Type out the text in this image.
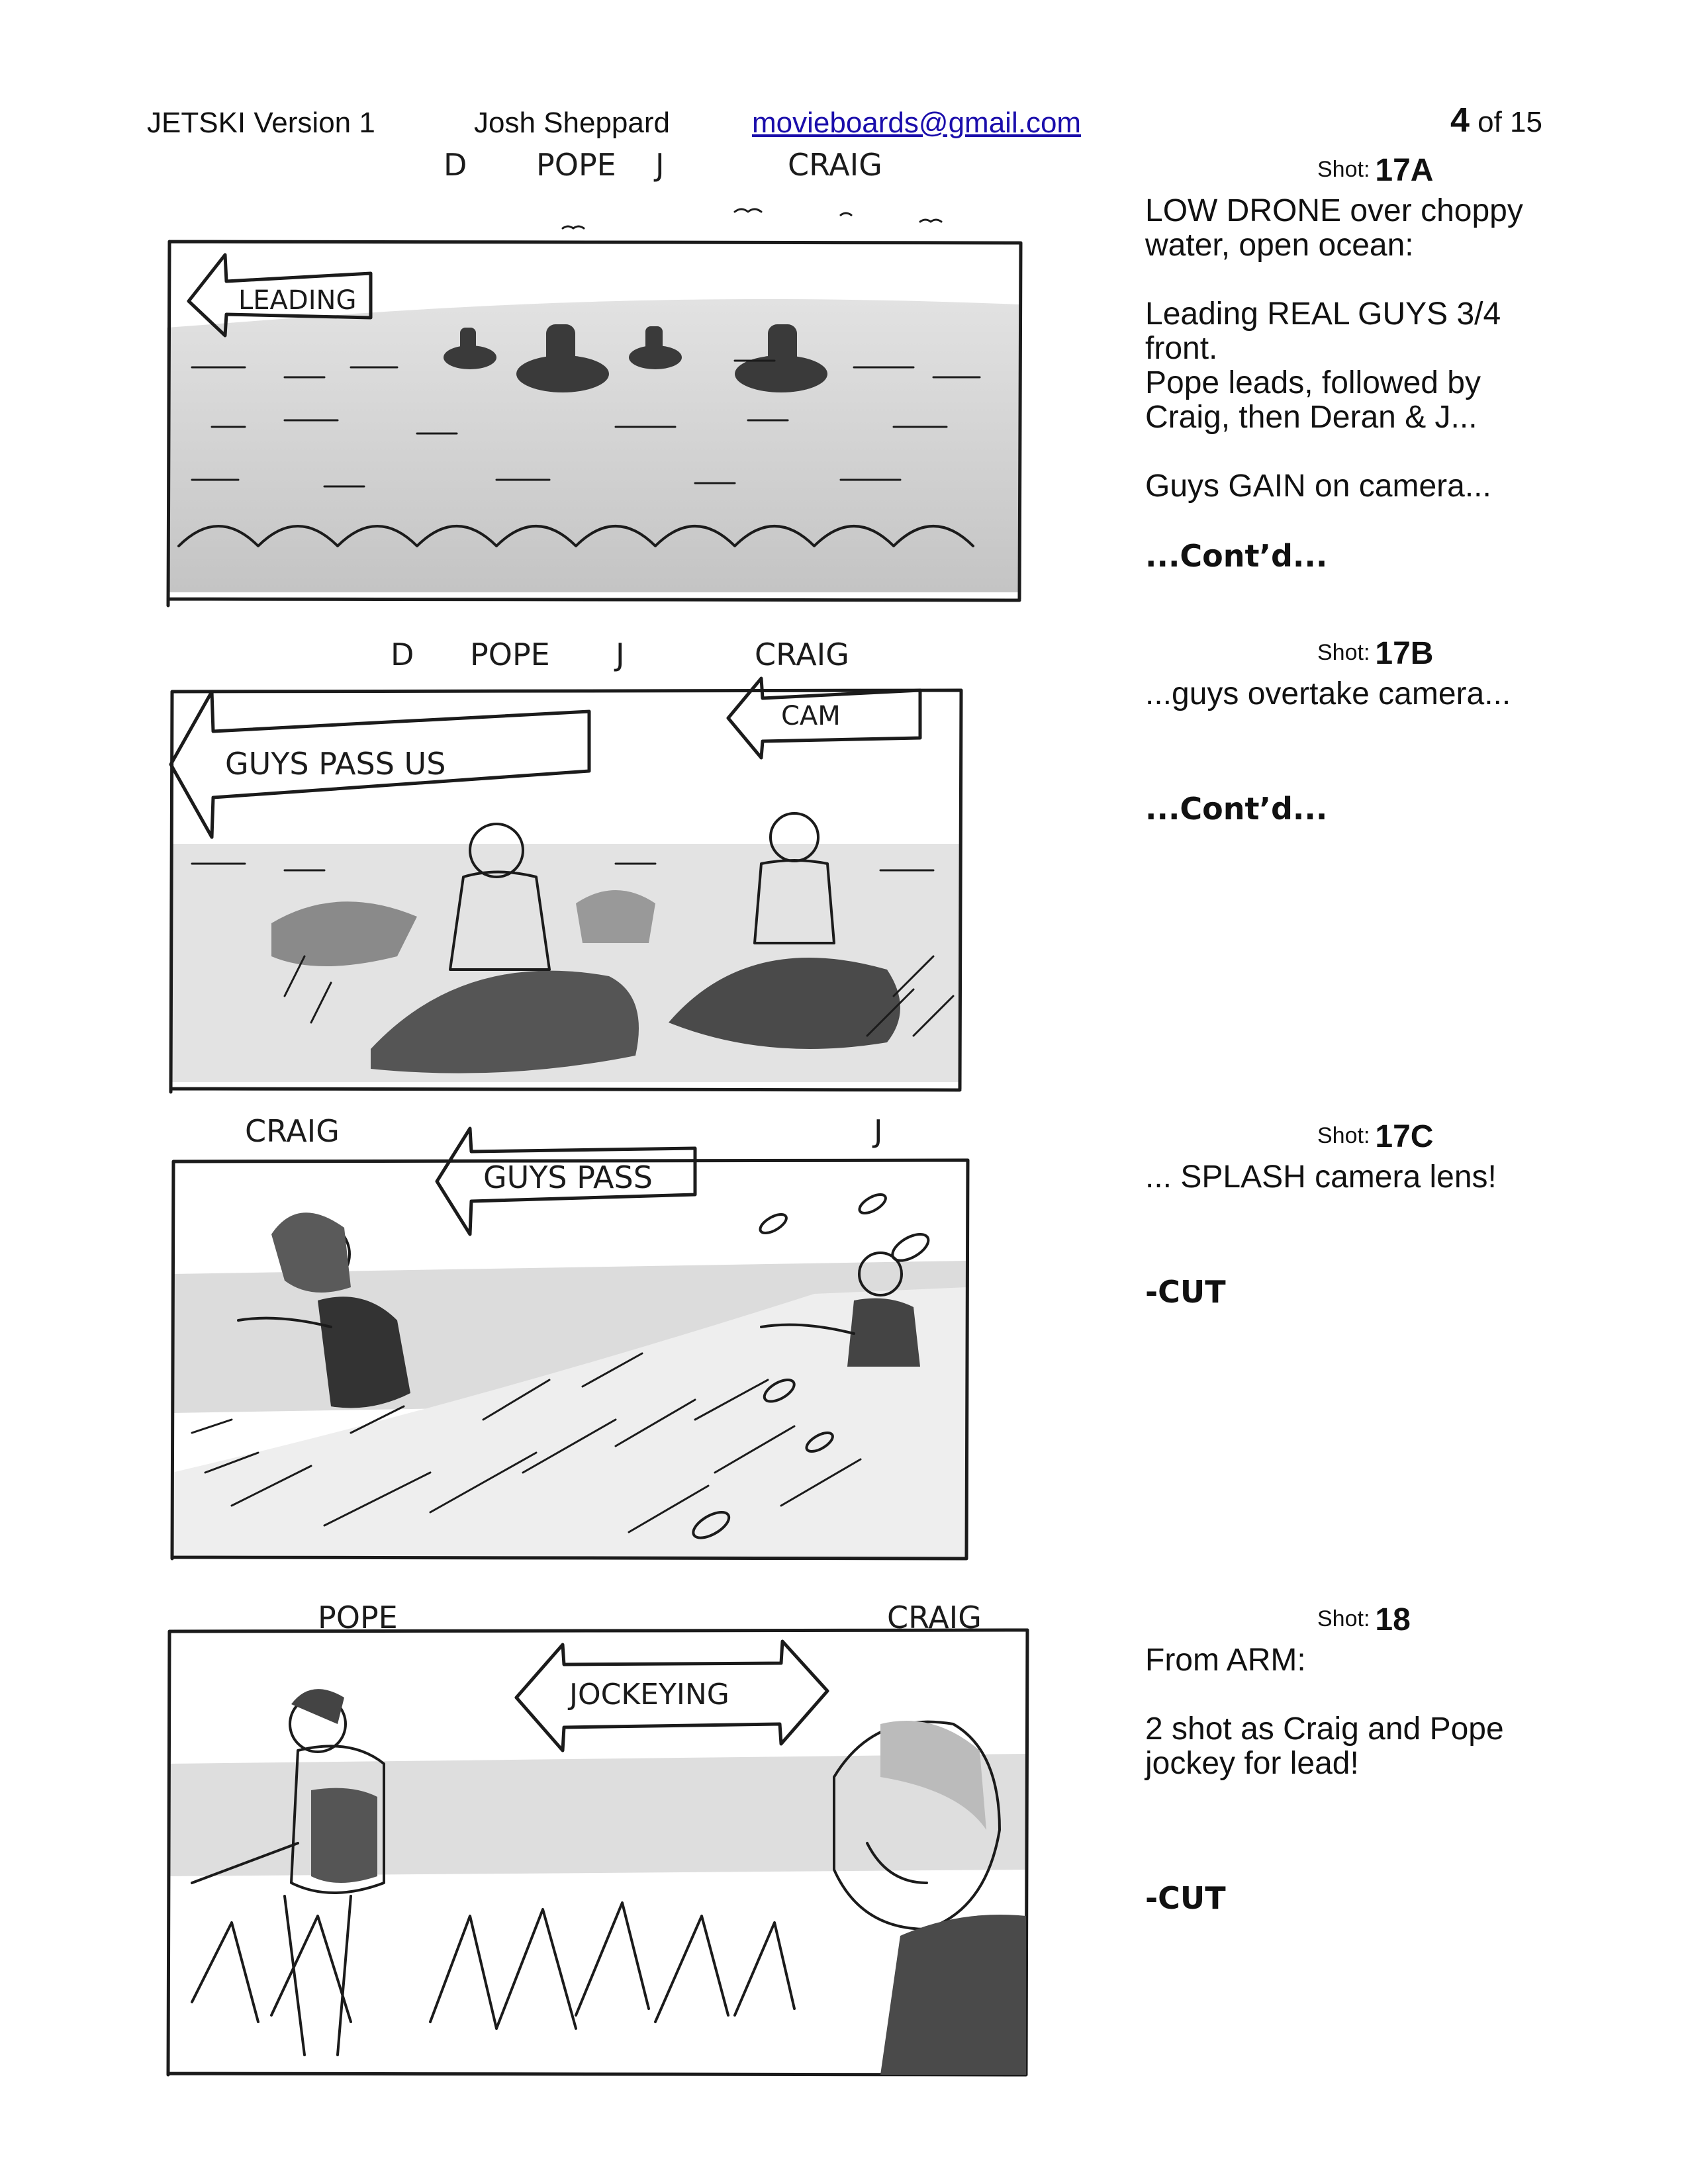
JETSKI Version 1	Josh Sheppard	movieboards@gmail.com	4 of 15
D POPE J	CRAIG
LEADING
Shot: 17A
LOW DRONE over choppy water, open ocean:

Leading REAL GUYS 3/4 front.
Pope leads, followed by Craig, then Deran & J...

Guys GAIN on camera...
...Cont’d...
D POPE J	CRAIG
GUYS PASS US
CAM
Shot: 17B
...guys overtake camera...
...Cont’d...
CRAIG	J
GUYS PASS
Shot: 17C
... SPLASH camera lens!
-CUT
POPE	CRAIG
JOCKEYING
Shot: 18
From ARM:

2 shot as Craig and Pope jockey for lead!
-CUT
